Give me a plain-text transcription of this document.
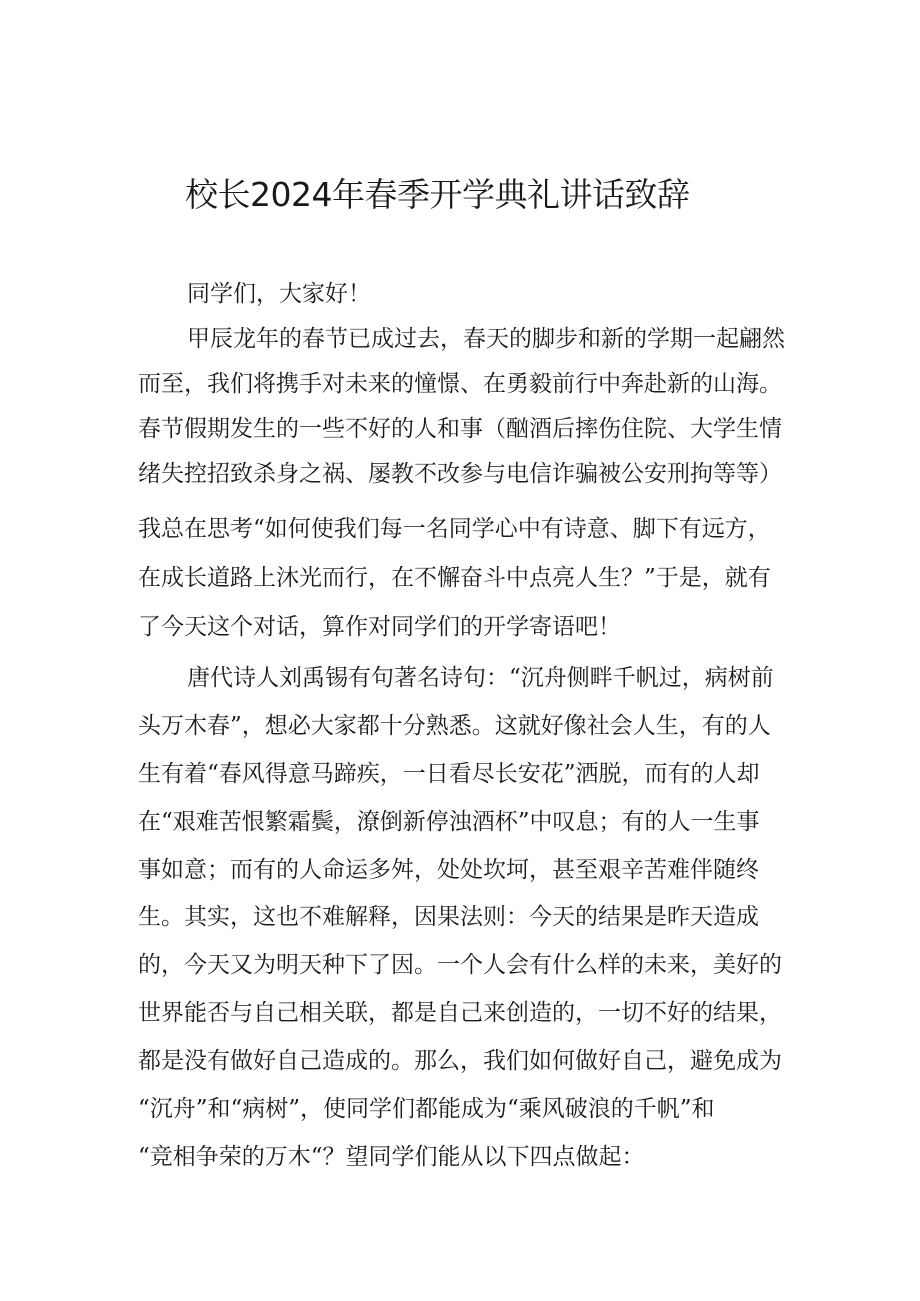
校长2024年春季开学典礼讲话致辞

同学们，大家好！

甲辰龙年的春节已成过去，春天的脚步和新的学期一起翩然

而至，我们将携手对未来的憧憬、在勇毅前行中奔赴新的山海。

春节假期发生的一些不好的人和事（酗酒后摔伤住院、大学生情

绪失控招致杀身之祸、屡教不改参与电信诈骗被公安刑拘等等）

我总在思考“如何使我们每一名同学心中有诗意、脚下有远方，

在成长道路上沐光而行，在不懈奋斗中点亮人生？”于是，就有

了今天这个对话，算作对同学们的开学寄语吧！

唐代诗人刘禹锡有句著名诗句：“沉舟侧畔千帆过，病树前

头万木春”，想必大家都十分熟悉。这就好像社会人生，有的人

生有着“春风得意马蹄疾，一日看尽长安花”洒脱，而有的人却

在“艰难苦恨繁霜鬓，潦倒新停浊酒杯”中叹息；有的人一生事

事如意；而有的人命运多舛，处处坎坷，甚至艰辛苦难伴随终

生。其实，这也不难解释，因果法则：今天的结果是昨天造成

的，今天又为明天种下了因。一个人会有什么样的未来，美好的

世界能否与自己相关联，都是自己来创造的，一切不好的结果，

都是没有做好自己造成的。那么，我们如何做好自己，避免成为

“沉舟”和“病树”，使同学们都能成为“乘风破浪的千帆”和

“竞相争荣的万木“？望同学们能从以下四点做起：
